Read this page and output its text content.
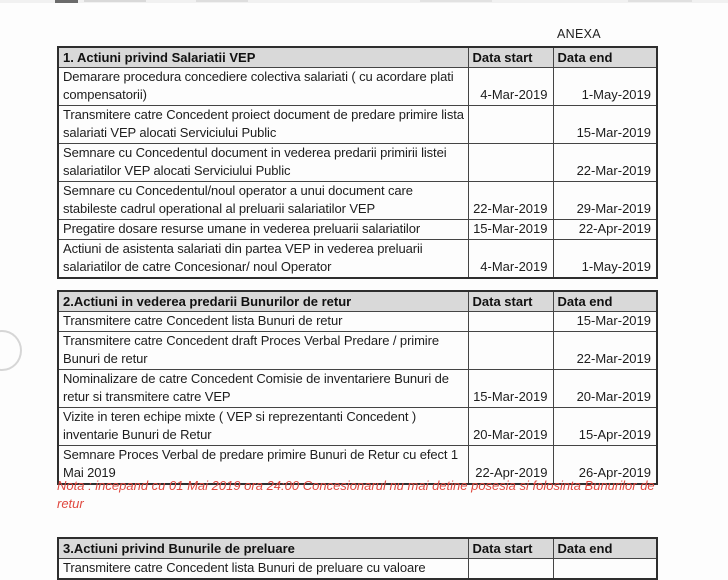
ANEXA
1. Actiuni privind Salariatii VEP	Data start	Data end
Demarare procedura concediere colectiva salariati ( cu acordare plati compensatorii)	4-Mar-2019	1-May-2019
Transmitere catre Concedent proiect document de predare primire lista salariati VEP alocati Serviciului Public		15-Mar-2019
Semnare cu Concedentul document in vederea predarii primirii listei salariatilor VEP alocati Serviciului Public		22-Mar-2019
Semnare cu Concedentul/noul operator a unui document care stabileste cadrul operational al preluarii salariatilor VEP	22-Mar-2019	29-Mar-2019
Pregatire dosare resurse umane in vederea preluarii salariatilor	15-Mar-2019	22-Apr-2019
Actiuni de asistenta salariati din partea VEP in vederea preluarii salariatilor de catre Concesionar/ noul Operator	4-Mar-2019	1-May-2019
2.Actiuni in vederea predarii Bunurilor de retur	Data start	Data end
Transmitere catre Concedent lista Bunuri de retur		15-Mar-2019
Transmitere catre Concedent draft Proces Verbal Predare / primire Bunuri de retur		22-Mar-2019
Nominalizare de catre Concedent Comisie de inventariere Bunuri de retur si transmitere catre VEP	15-Mar-2019	20-Mar-2019
Vizite in teren echipe mixte ( VEP si reprezentanti Concedent ) inventarie Bunuri de Retur	20-Mar-2019	15-Apr-2019
Semnare Proces Verbal de predare primire Bunuri de Retur cu efect 1 Mai 2019	22-Apr-2019	26-Apr-2019
Nota : incepand cu 01 Mai 2019 ora 24:00 Concesionarul nu mai detine posesia si folosinta Bunurilor de retur
3.Actiuni privind Bunurile de preluare	Data start	Data end
Transmitere catre Concedent lista Bunuri de preluare cu valoare		
